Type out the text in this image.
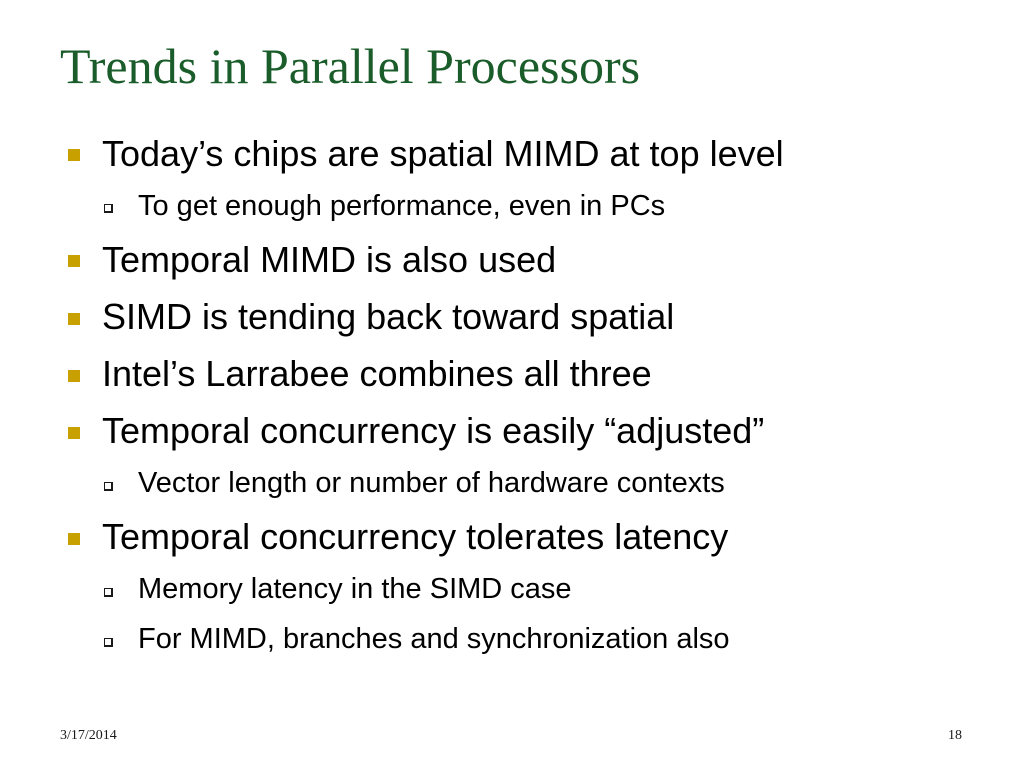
Trends in Parallel Processors
Today’s chips are spatial MIMD at top level
To get enough performance, even in PCs
Temporal MIMD is also used
SIMD is tending back toward spatial
Intel’s Larrabee combines all three
Temporal concurrency is easily “adjusted”
Vector length or number of hardware contexts
Temporal concurrency tolerates latency
Memory latency in the SIMD case
For MIMD, branches and synchronization also
3/17/2014	18
